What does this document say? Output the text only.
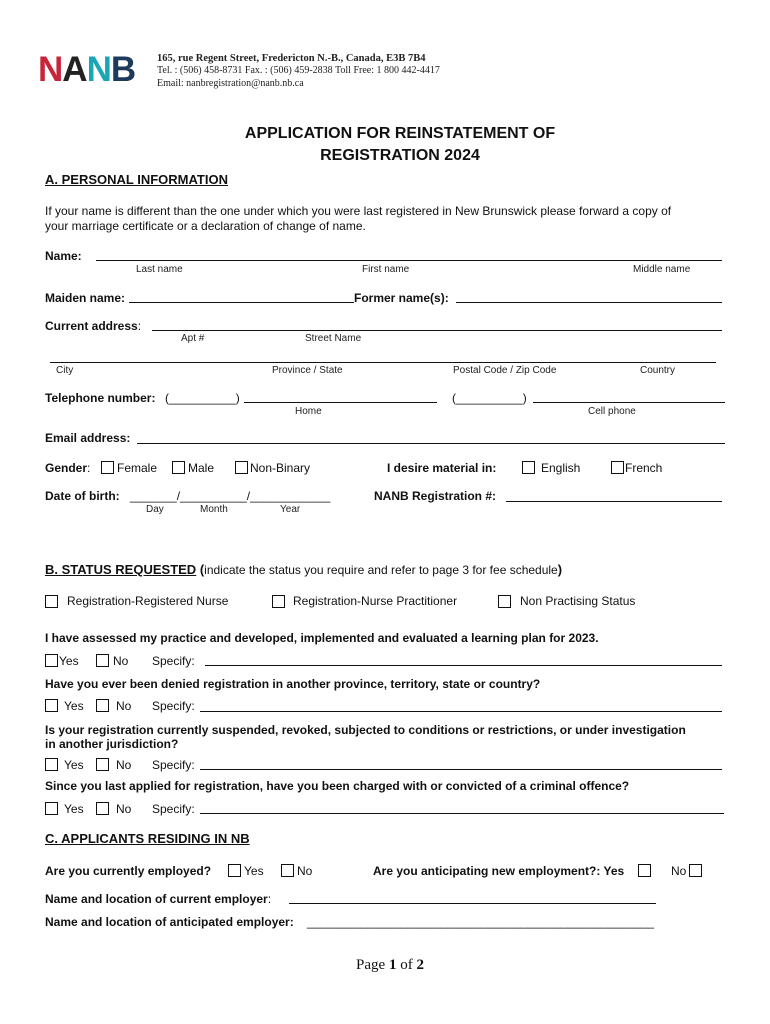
NANB 165, rue Regent Street, Fredericton N.-B., Canada, E3B 7B4
Tel. : (506) 458-8731 Fax. : (506) 459-2838 Toll Free: 1 800 442-4417
Email: nanbregistration@nanb.nb.ca
APPLICATION FOR REINSTATEMENT OF
REGISTRATION 2024
A. PERSONAL INFORMATION
If your name is different than the one under which you were last registered in New Brunswick please forward a copy of
your marriage certificate or a declaration of change of name.
Name:
Last name	First name	Middle name
Maiden name:	Former name(s):
Current address:
Apt #	Street Name
City	Province / State	Postal Code / Zip Code	Country
Telephone number: (__________)
Home
(__________)
Cell phone
Email address:
Gender: Female	Male	Non-Binary	I desire material in:	English	French
Date of birth: _______/__________/____________
Day	Month	Year
NANB Registration #:
B. STATUS REQUESTED (indicate the status you require and refer to page 3 for fee schedule)
Registration-Registered Nurse	Registration-Nurse Practitioner	Non Practising Status
I have assessed my practice and developed, implemented and evaluated a learning plan for 2023.
Yes	No Specify:
Have you ever been denied registration in another province, territory, state or country?
Yes	No Specify:
Is your registration currently suspended, revoked, subjected to conditions or restrictions, or under investigation
in another jurisdiction?
Yes	No Specify:
Since you last applied for registration, have you been charged with or convicted of a criminal offence?
Yes	No Specify:
C. APPLICANTS RESIDING IN NB
Are you currently employed?	Yes	No	Are you anticipating new employment?: Yes	No
Name and location of current employer:
Name and location of anticipated employer: ____________________________________________________
Page 1 of 2
